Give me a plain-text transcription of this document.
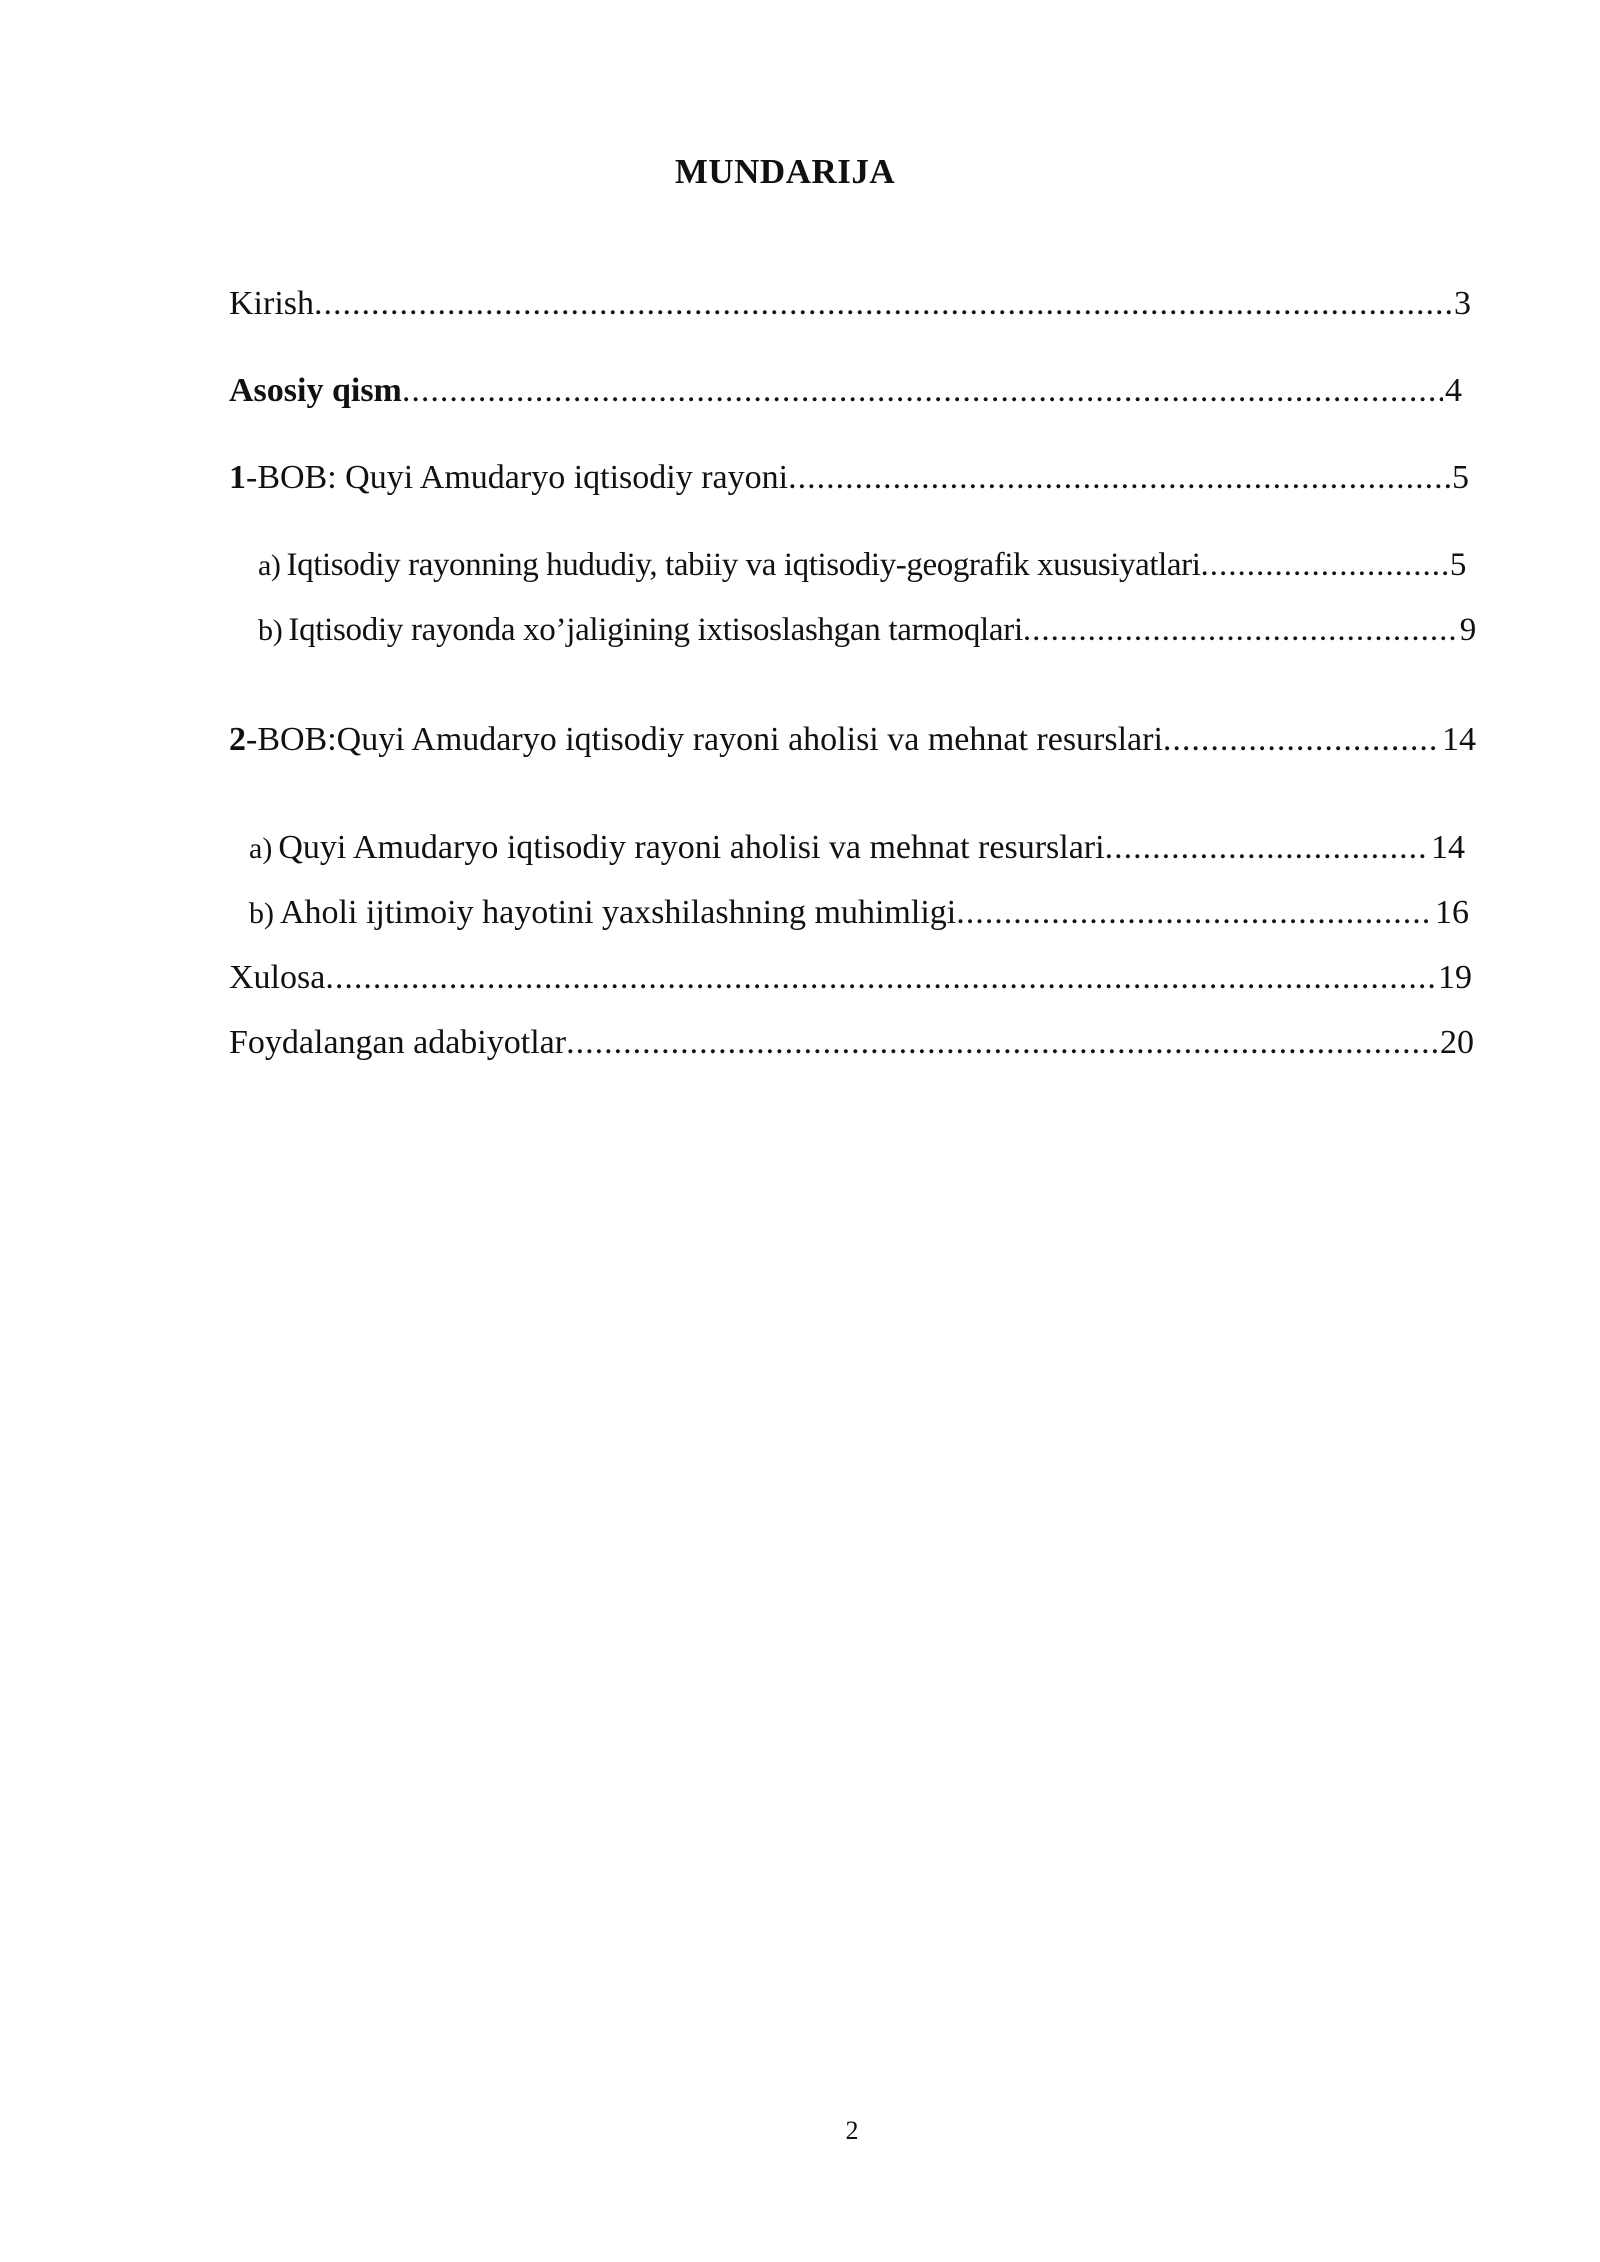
MUNDARIJA
Kirish .....	3
Asosiy qism .....	4
1 -BOB: Quyi Amudaryo iqtisodiy rayoni .....	5
a) Iqtisodiy rayonning hududiy, tabiiy va iqtisodiy-geografik xususiyatlari .....	5
b) Iqtisodiy rayonda xo’jaligining ixtisoslashgan tarmoqlari .....	9
2 -BOB:Quyi Amudaryo iqtisodiy rayoni aholisi va mehnat resurslari .....	14
a) Quyi Amudaryo iqtisodiy rayoni aholisi va mehnat resurslari .....	14
b) Aholi ijtimoiy hayotini yaxshilashning muhimligi .....	16
Xulosa .....	19
Foydalangan adabiyotlar .....	20
2
